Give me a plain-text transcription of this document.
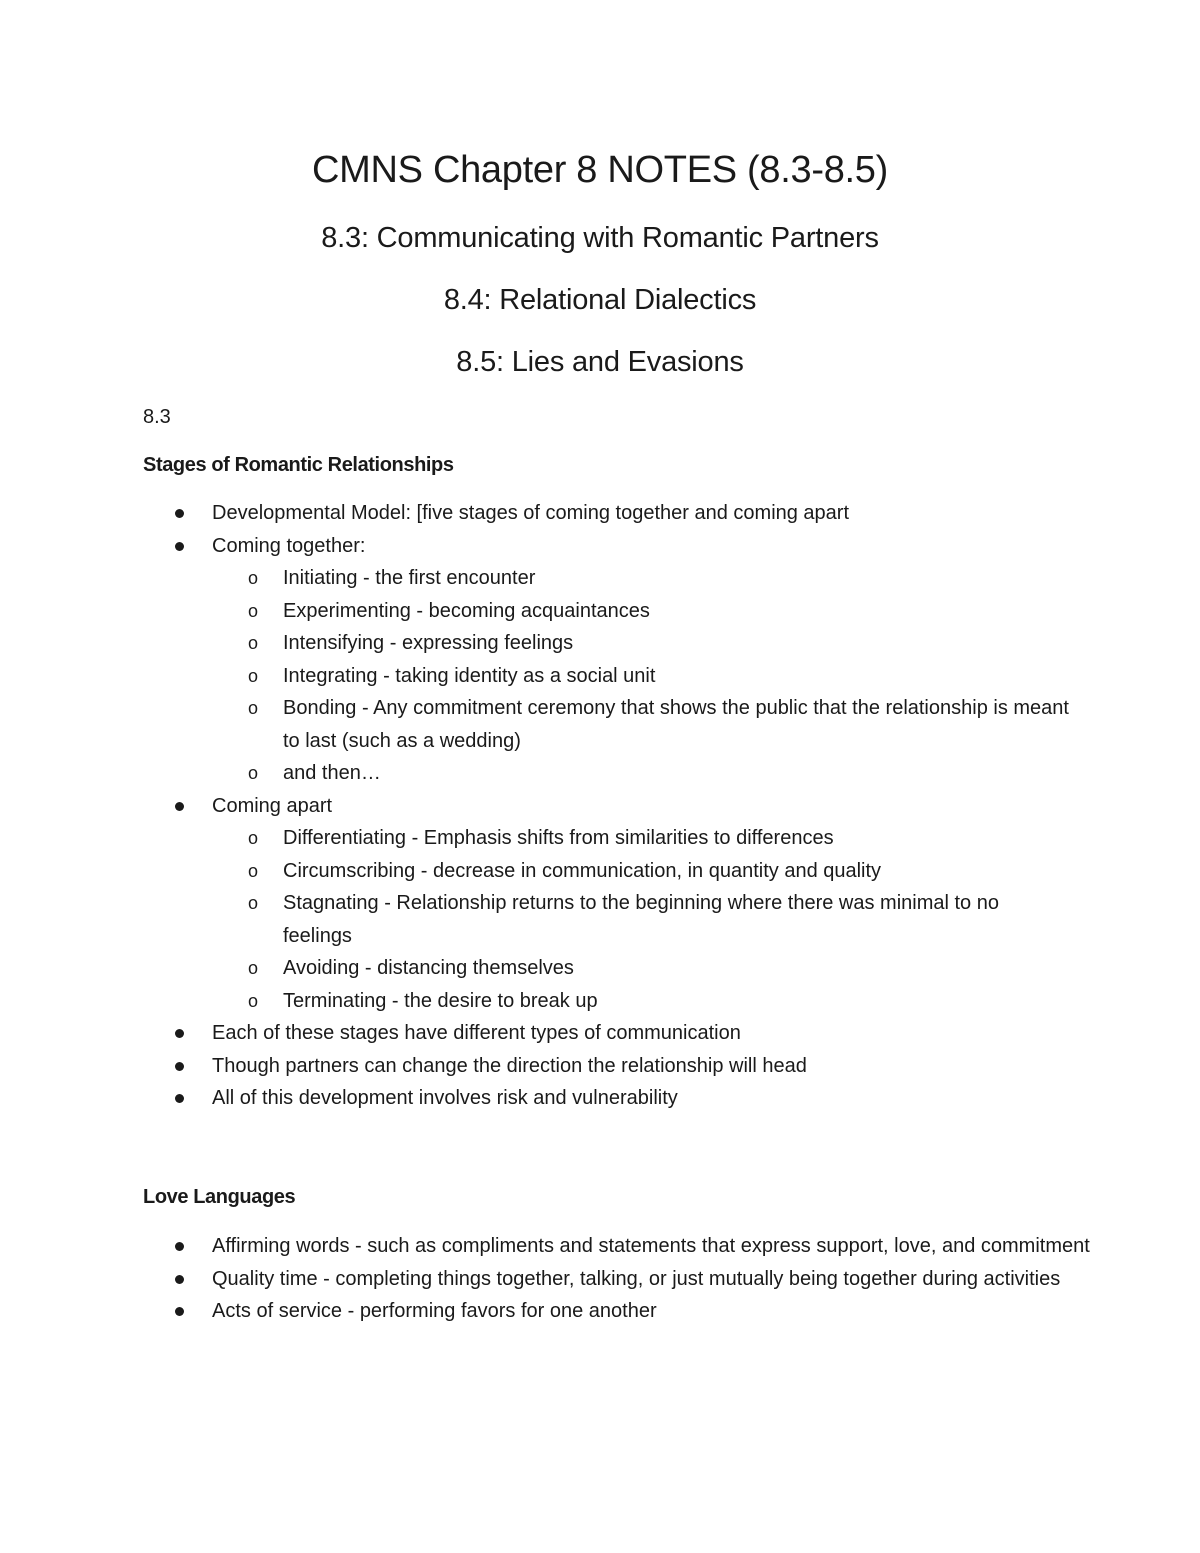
CMNS Chapter 8 NOTES (8.3-8.5)
8.3: Communicating with Romantic Partners
8.4: Relational Dialectics
8.5: Lies and Evasions
8.3
Stages of Romantic Relationships
Developmental Model: [five stages of coming together and coming apart
Coming together:
o Initiating - the first encounter
o Experimenting - becoming acquaintances
o Intensifying - expressing feelings
o Integrating - taking identity as a social unit
o Bonding - Any commitment ceremony that shows the public that the relationship is meant to last (such as a wedding)
o and then…
Coming apart
o Differentiating - Emphasis shifts from similarities to differences
o Circumscribing - decrease in communication, in quantity and quality
o Stagnating - Relationship returns to the beginning where there was minimal to no feelings
o Avoiding - distancing themselves
o Terminating - the desire to break up
Each of these stages have different types of communication
Though partners can change the direction the relationship will head
All of this development involves risk and vulnerability
Love Languages
Affirming words - such as compliments and statements that express support, love, and commitment
Quality time - completing things together, talking, or just mutually being together during activities
Acts of service - performing favors for one another
